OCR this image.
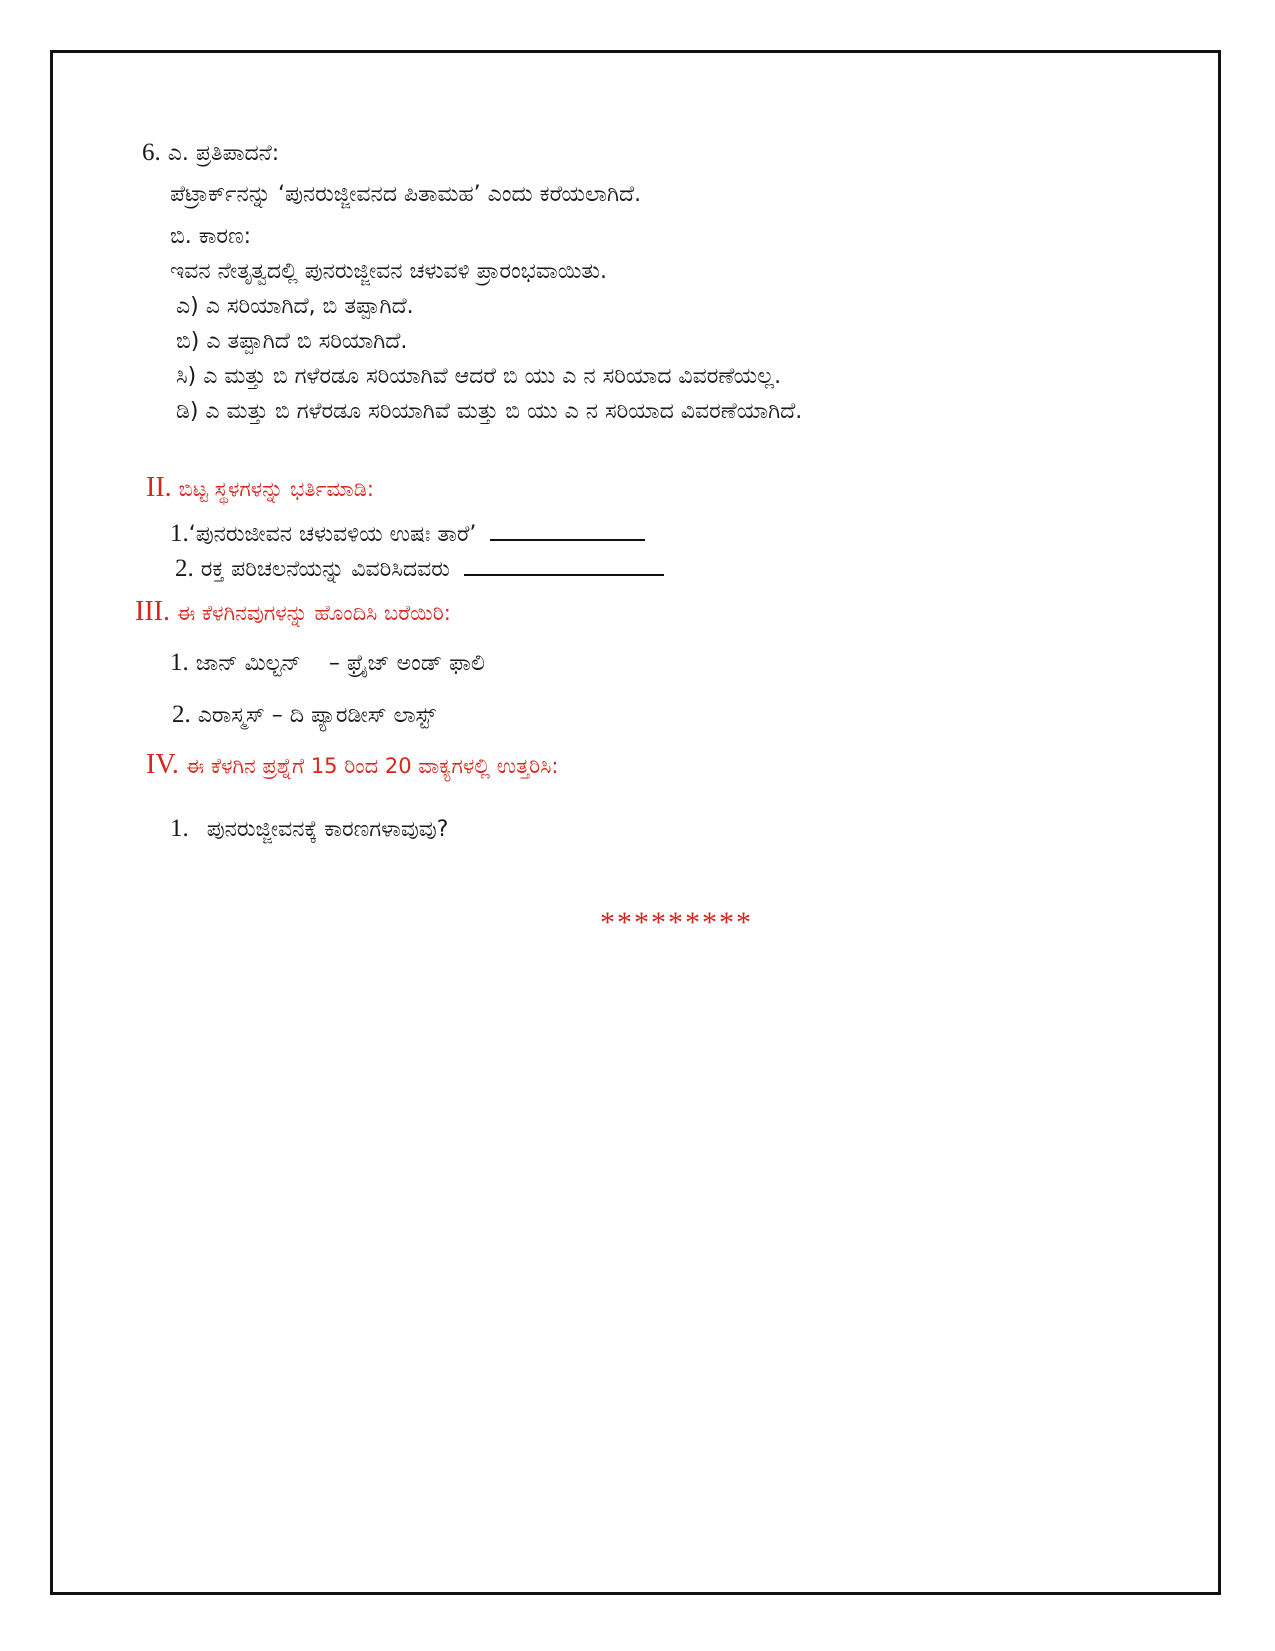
6. ಎ. ಪ್ರತಿಪಾದನೆ:
ಪೆಟ್ರಾರ್ಕ್‌ನನ್ನು ‘ಪುನರುಜ್ಜೀವನದ ಪಿತಾಮಹ’ ಎಂದು ಕರೆಯಲಾಗಿದೆ.
ಬಿ. ಕಾರಣ:
ಇವನ ನೇತೃತ್ವದಲ್ಲಿ ಪುನರುಜ್ಜೀವನ ಚಳುವಳಿ ಪ್ರಾರಂಭವಾಯಿತು.
ಎ) ಎ ಸರಿಯಾಗಿದೆ, ಬಿ ತಪ್ಪಾಗಿದೆ.
ಬಿ) ಎ ತಪ್ಪಾಗಿದೆ ಬಿ ಸರಿಯಾಗಿದೆ.
ಸಿ) ಎ ಮತ್ತು ಬಿ ಗಳೆರಡೂ ಸರಿಯಾಗಿವೆ ಆದರೆ ಬಿ ಯು ಎ ನ ಸರಿಯಾದ ವಿವರಣೆಯಲ್ಲ.
ಡಿ) ಎ ಮತ್ತು ಬಿ ಗಳೆರಡೂ ಸರಿಯಾಗಿವೆ ಮತ್ತು ಬಿ ಯು ಎ ನ ಸರಿಯಾದ ವಿವರಣೆಯಾಗಿದೆ.
II. ಬಿಟ್ಟ ಸ್ಥಳಗಳನ್ನು ಭರ್ತಿಮಾಡಿ:
1.‘ಪುನರುಜೀವನ ಚಳುವಳಿಯ ಉಷಃ ತಾರೆ’
2. ರಕ್ತ ಪರಿಚಲನೆಯನ್ನು ವಿವರಿಸಿದವರು
III. ಈ ಕೆಳಗಿನವುಗಳನ್ನು ಹೊಂದಿಸಿ ಬರೆಯಿರಿ:
1. ಜಾನ್ ಮಿಲ್ಟನ್    – ಫ್ರೈಜ್ ಅಂಡ್ ಫಾಲಿ
2. ಎರಾಸ್ಮಸ್ – ದಿ ಪ್ಯಾರಡೀಸ್ ಲಾಸ್ಟ್
IV. ಈ ಕೆಳಗಿನ ಪ್ರಶ್ನೆಗೆ 15 ರಿಂದ 20 ವಾಕ್ಯಗಳಲ್ಲಿ ಉತ್ತರಿಸಿ:
1. ಪುನರುಜ್ಜೀವನಕ್ಕೆ ಕಾರಣಗಳಾವುವು?
*********
